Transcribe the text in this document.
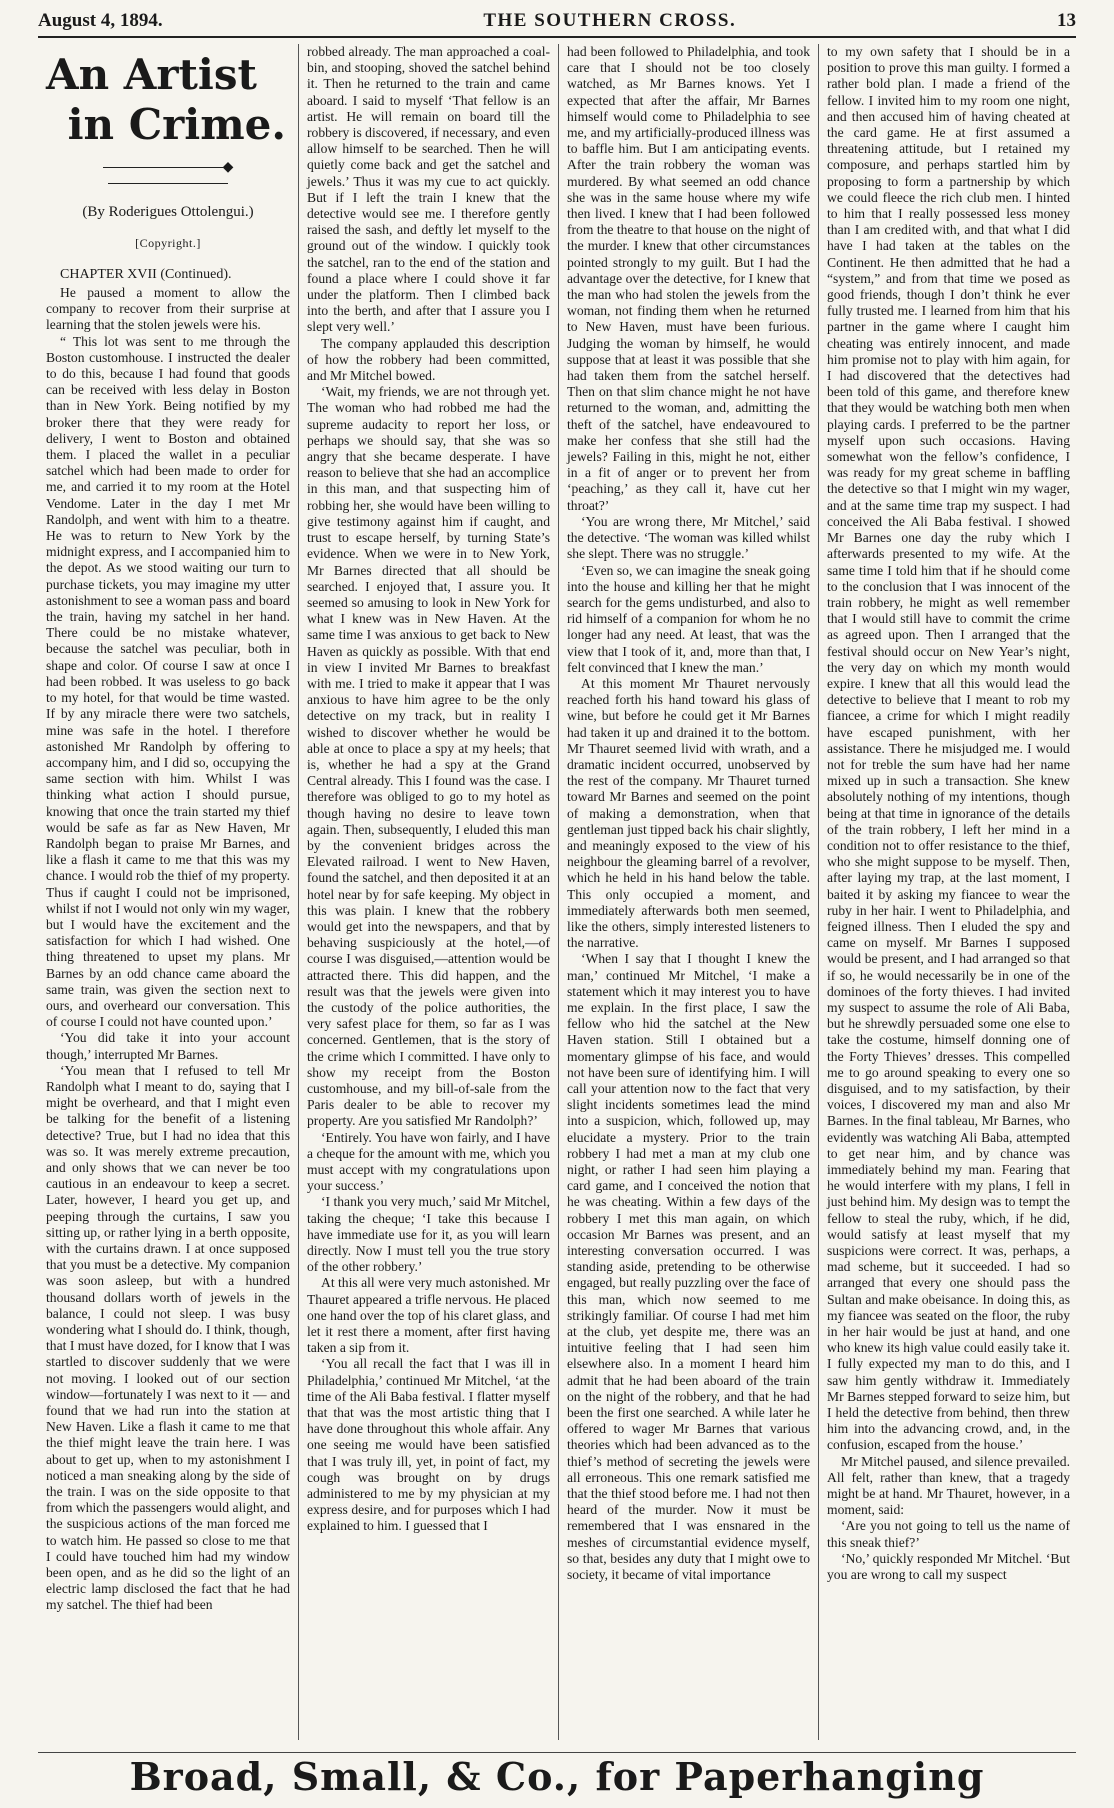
August 4, 1894.	THE SOUTHERN CROSS.	13
An Artist
in Crime.
◆
(By Roderigues Ottolengui.)
[Copyright.]
CHAPTER XVII (Continued).

He paused a moment to allow the company to recover from their surprise at learning that the stolen jewels were his.

“ This lot was sent to me through the Boston customhouse. I instructed the dealer to do this, because I had found that goods can be received with less delay in Boston than in New York. Being notified by my broker there that they were ready for delivery, I went to Boston and obtained them. I placed the wallet in a peculiar satchel which had been made to order for me, and carried it to my room at the Hotel Vendome. Later in the day I met Mr Randolph, and went with him to a theatre. He was to return to New York by the midnight express, and I accompanied him to the depot. As we stood waiting our turn to purchase tickets, you may imagine my utter astonishment to see a woman pass and board the train, having my satchel in her hand. There could be no mistake whatever, because the satchel was peculiar, both in shape and color. Of course I saw at once I had been robbed. It was useless to go back to my hotel, for that would be time wasted. If by any miracle there were two satchels, mine was safe in the hotel. I therefore astonished Mr Randolph by offering to accompany him, and I did so, occupying the same section with him. Whilst I was thinking what action I should pursue, knowing that once the train started my thief would be safe as far as New Haven, Mr Randolph began to praise Mr Barnes, and like a flash it came to me that this was my chance. I would rob the thief of my property. Thus if caught I could not be imprisoned, whilst if not I would not only win my wager, but I would have the excitement and the satisfaction for which I had wished. One thing threatened to upset my plans. Mr Barnes by an odd chance came aboard the same train, was given the section next to ours, and overheard our conversation. This of course I could not have counted upon.’

‘You did take it into your account though,’ interrupted Mr Barnes.

‘You mean that I refused to tell Mr Randolph what I meant to do, saying that I might be overheard, and that I might even be talking for the benefit of a listening detective? True, but I had no idea that this was so. It was merely extreme precaution, and only shows that we can never be too cautious in an endeavour to keep a secret. Later, however, I heard you get up, and peeping through the curtains, I saw you sitting up, or rather lying in a berth opposite, with the curtains drawn. I at once supposed that you must be a detective. My companion was soon asleep, but with a hundred thousand dollars worth of jewels in the balance, I could not sleep. I was busy wondering what I should do. I think, though, that I must have dozed, for I know that I was startled to discover suddenly that we were not moving. I looked out of our section window—fortunately I was next to it — and found that we had run into the station at New Haven. Like a flash it came to me that the thief might leave the train here. I was about to get up, when to my astonishment I noticed a man sneaking along by the side of the train. I was on the side opposite to that from which the passengers would alight, and the suspicious actions of the man forced me to watch him. He passed so close to me that I could have touched him had my window been open, and as he did so the light of an electric lamp disclosed the fact that he had my satchel. The thief had been

robbed already. The man approached a coal-bin, and stooping, shoved the satchel behind it. Then he returned to the train and came aboard. I said to myself ‘That fellow is an artist. He will remain on board till the robbery is discovered, if necessary, and even allow himself to be searched. Then he will quietly come back and get the satchel and jewels.’ Thus it was my cue to act quickly. But if I left the train I knew that the detective would see me. I therefore gently raised the sash, and deftly let myself to the ground out of the window. I quickly took the satchel, ran to the end of the station and found a place where I could shove it far under the platform. Then I climbed back into the berth, and after that I assure you I slept very well.’

The company applauded this description of how the robbery had been committed, and Mr Mitchel bowed.

‘Wait, my friends, we are not through yet. The woman who had robbed me had the supreme audacity to report her loss, or perhaps we should say, that she was so angry that she became desperate. I have reason to believe that she had an accomplice in this man, and that suspecting him of robbing her, she would have been willing to give testimony against him if caught, and trust to escape herself, by turning State’s evidence. When we were in to New York, Mr Barnes directed that all should be searched. I enjoyed that, I assure you. It seemed so amusing to look in New York for what I knew was in New Haven. At the same time I was anxious to get back to New Haven as quickly as possible. With that end in view I invited Mr Barnes to breakfast with me. I tried to make it appear that I was anxious to have him agree to be the only detective on my track, but in reality I wished to discover whether he would be able at once to place a spy at my heels; that is, whether he had a spy at the Grand Central already. This I found was the case. I therefore was obliged to go to my hotel as though having no desire to leave town again. Then, subsequently, I eluded this man by the convenient bridges across the Elevated railroad. I went to New Haven, found the satchel, and then deposited it at an hotel near by for safe keeping. My object in this was plain. I knew that the robbery would get into the newspapers, and that by behaving suspiciously at the hotel,—of course I was disguised,—attention would be attracted there. This did happen, and the result was that the jewels were given into the custody of the police authorities, the very safest place for them, so far as I was concerned. Gentlemen, that is the story of the crime which I committed. I have only to show my receipt from the Boston customhouse, and my bill-of-sale from the Paris dealer to be able to recover my property. Are you satisfied Mr Randolph?’

‘Entirely. You have won fairly, and I have a cheque for the amount with me, which you must accept with my congratulations upon your success.’

‘I thank you very much,’ said Mr Mitchel, taking the cheque; ‘I take this because I have immediate use for it, as you will learn directly. Now I must tell you the true story of the other robbery.’

At this all were very much astonished. Mr Thauret appeared a trifle nervous. He placed one hand over the top of his claret glass, and let it rest there a moment, after first having taken a sip from it.

‘You all recall the fact that I was ill in Philadelphia,’ continued Mr Mitchel, ‘at the time of the Ali Baba festival. I flatter myself that that was the most artistic thing that I have done throughout this whole affair. Any one seeing me would have been satisfied that I was truly ill, yet, in point of fact, my cough was brought on by drugs administered to me by my physician at my express desire, and for purposes which I had explained to him. I guessed that I

had been followed to Philadelphia, and took care that I should not be too closely watched, as Mr Barnes knows. Yet I expected that after the affair, Mr Barnes himself would come to Philadelphia to see me, and my artificially-produced illness was to baffle him. But I am anticipating events. After the train robbery the woman was murdered. By what seemed an odd chance she was in the same house where my wife then lived. I knew that I had been followed from the theatre to that house on the night of the murder. I knew that other circumstances pointed strongly to my guilt. But I had the advantage over the detective, for I knew that the man who had stolen the jewels from the woman, not finding them when he returned to New Haven, must have been furious. Judging the woman by himself, he would suppose that at least it was possible that she had taken them from the satchel herself. Then on that slim chance might he not have returned to the woman, and, admitting the theft of the satchel, have endeavoured to make her confess that she still had the jewels? Failing in this, might he not, either in a fit of anger or to prevent her from ‘peaching,’ as they call it, have cut her throat?’

‘You are wrong there, Mr Mitchel,’ said the detective. ‘The woman was killed whilst she slept. There was no struggle.’

‘Even so, we can imagine the sneak going into the house and killing her that he might search for the gems undisturbed, and also to rid himself of a companion for whom he no longer had any need. At least, that was the view that I took of it, and, more than that, I felt convinced that I knew the man.’

At this moment Mr Thauret nervously reached forth his hand toward his glass of wine, but before he could get it Mr Barnes had taken it up and drained it to the bottom. Mr Thauret seemed livid with wrath, and a dramatic incident occurred, unobserved by the rest of the company. Mr Thauret turned toward Mr Barnes and seemed on the point of making a demonstration, when that gentleman just tipped back his chair slightly, and meaningly exposed to the view of his neighbour the gleaming barrel of a revolver, which he held in his hand below the table. This only occupied a moment, and immediately afterwards both men seemed, like the others, simply interested listeners to the narrative.

‘When I say that I thought I knew the man,’ continued Mr Mitchel, ‘I make a statement which it may interest you to have me explain. In the first place, I saw the fellow who hid the satchel at the New Haven station. Still I obtained but a momentary glimpse of his face, and would not have been sure of identifying him. I will call your attention now to the fact that very slight incidents sometimes lead the mind into a suspicion, which, followed up, may elucidate a mystery. Prior to the train robbery I had met a man at my club one night, or rather I had seen him playing a card game, and I conceived the notion that he was cheating. Within a few days of the robbery I met this man again, on which occasion Mr Barnes was present, and an interesting conversation occurred. I was standing aside, pretending to be otherwise engaged, but really puzzling over the face of this man, which now seemed to me strikingly familiar. Of course I had met him at the club, yet despite me, there was an intuitive feeling that I had seen him elsewhere also. In a moment I heard him admit that he had been aboard of the train on the night of the robbery, and that he had been the first one searched. A while later he offered to wager Mr Barnes that various theories which had been advanced as to the thief’s method of secreting the jewels were all erroneous. This one remark satisfied me that the thief stood before me. I had not then heard of the murder. Now it must be remembered that I was ensnared in the meshes of circumstantial evidence myself, so that, besides any duty that I might owe to society, it became of vital importance

to my own safety that I should be in a position to prove this man guilty. I formed a rather bold plan. I made a friend of the fellow. I invited him to my room one night, and then accused him of having cheated at the card game. He at first assumed a threatening attitude, but I retained my composure, and perhaps startled him by proposing to form a partnership by which we could fleece the rich club men. I hinted to him that I really possessed less money than I am credited with, and that what I did have I had taken at the tables on the Continent. He then admitted that he had a “system,” and from that time we posed as good friends, though I don’t think he ever fully trusted me. I learned from him that his partner in the game where I caught him cheating was entirely innocent, and made him promise not to play with him again, for I had discovered that the detectives had been told of this game, and therefore knew that they would be watching both men when playing cards. I preferred to be the partner myself upon such occasions. Having somewhat won the fellow’s confidence, I was ready for my great scheme in baffling the detective so that I might win my wager, and at the same time trap my suspect. I had conceived the Ali Baba festival. I showed Mr Barnes one day the ruby which I afterwards presented to my wife. At the same time I told him that if he should come to the conclusion that I was innocent of the train robbery, he might as well remember that I would still have to commit the crime as agreed upon. Then I arranged that the festival should occur on New Year’s night, the very day on which my month would expire. I knew that all this would lead the detective to believe that I meant to rob my fiancee, a crime for which I might readily have escaped punishment, with her assistance. There he misjudged me. I would not for treble the sum have had her name mixed up in such a transaction. She knew absolutely nothing of my intentions, though being at that time in ignorance of the details of the train robbery, I left her mind in a condition not to offer resistance to the thief, who she might suppose to be myself. Then, after laying my trap, at the last moment, I baited it by asking my fiancee to wear the ruby in her hair. I went to Philadelphia, and feigned illness. Then I eluded the spy and came on myself. Mr Barnes I supposed would be present, and I had arranged so that if so, he would necessarily be in one of the dominoes of the forty thieves. I had invited my suspect to assume the role of Ali Baba, but he shrewdly persuaded some one else to take the costume, himself donning one of the Forty Thieves’ dresses. This compelled me to go around speaking to every one so disguised, and to my satisfaction, by their voices, I discovered my man and also Mr Barnes. In the final tableau, Mr Barnes, who evidently was watching Ali Baba, attempted to get near him, and by chance was immediately behind my man. Fearing that he would interfere with my plans, I fell in just behind him. My design was to tempt the fellow to steal the ruby, which, if he did, would satisfy at least myself that my suspicions were correct. It was, perhaps, a mad scheme, but it succeeded. I had so arranged that every one should pass the Sultan and make obeisance. In doing this, as my fiancee was seated on the floor, the ruby in her hair would be just at hand, and one who knew its high value could easily take it. I fully expected my man to do this, and I saw him gently withdraw it. Immediately Mr Barnes stepped forward to seize him, but I held the detective from behind, then threw him into the advancing crowd, and, in the confusion, escaped from the house.’

Mr Mitchel paused, and silence prevailed. All felt, rather than knew, that a tragedy might be at hand. Mr Thauret, however, in a moment, said:

‘Are you not going to tell us the name of this sneak thief?’

‘No,’ quickly responded Mr Mitchel. ‘But you are wrong to call my suspect

Broad, Small, & Co., for Paperhanging
